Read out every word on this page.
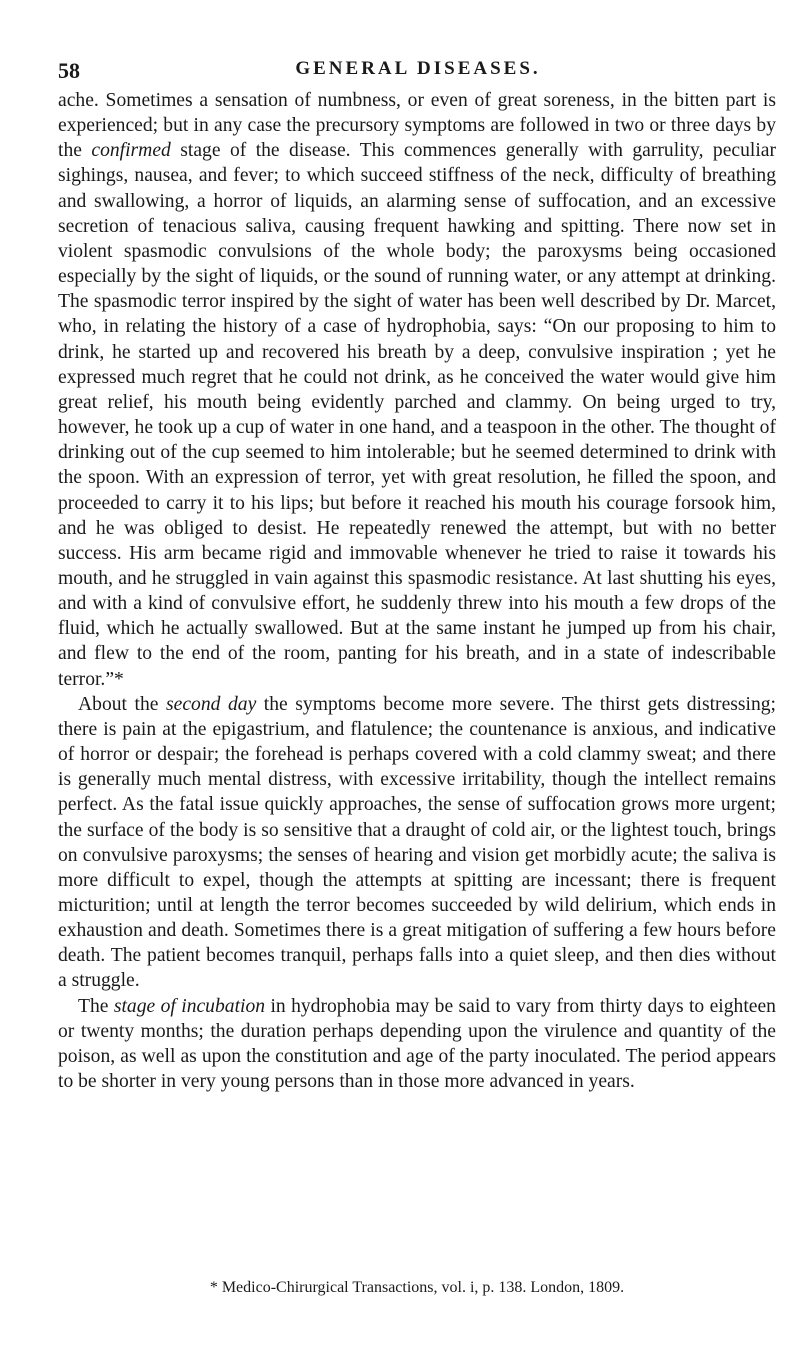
58	GENERAL DISEASES.

ache. Sometimes a sensation of numbness, or even of great soreness, in the bitten part is experienced; but in any case the precursory symptoms are followed in two or three days by the confirmed stage of the disease. This commences generally with garrulity, peculiar sighings, nausea, and fever; to which succeed stiffness of the neck, difficulty of breathing and swallowing, a horror of liquids, an alarming sense of suffocation, and an excessive secretion of tenacious saliva, causing frequent hawking and spitting. There now set in violent spasmodic convulsions of the whole body; the paroxysms being occasioned especially by the sight of liquids, or the sound of running water, or any attempt at drinking. The spasmodic terror inspired by the sight of water has been well described by Dr. Marcet, who, in relating the history of a case of hydrophobia, says: “On our proposing to him to drink, he started up and recovered his breath by a deep, convulsive inspiration ; yet he expressed much regret that he could not drink, as he conceived the water would give him great relief, his mouth being evidently parched and clammy. On being urged to try, however, he took up a cup of water in one hand, and a teaspoon in the other. The thought of drinking out of the cup seemed to him intolerable; but he seemed determined to drink with the spoon. With an expression of terror, yet with great resolution, he filled the spoon, and proceeded to carry it to his lips; but before it reached his mouth his courage forsook him, and he was obliged to desist. He repeatedly renewed the attempt, but with no better success. His arm became rigid and immovable whenever he tried to raise it towards his mouth, and he struggled in vain against this spasmodic resistance. At last shutting his eyes, and with a kind of convulsive effort, he suddenly threw into his mouth a few drops of the fluid, which he actually swallowed. But at the same instant he jumped up from his chair, and flew to the end of the room, panting for his breath, and in a state of indescribable terror.”*

About the second day the symptoms become more severe. The thirst gets distressing; there is pain at the epigastrium, and flatulence; the countenance is anxious, and indicative of horror or despair; the forehead is perhaps covered with a cold clammy sweat; and there is generally much mental distress, with excessive irritability, though the intellect remains perfect. As the fatal issue quickly approaches, the sense of suffocation grows more urgent; the surface of the body is so sensitive that a draught of cold air, or the lightest touch, brings on convulsive paroxysms; the senses of hearing and vision get morbidly acute; the saliva is more difficult to expel, though the attempts at spitting are incessant; there is frequent micturition; until at length the terror becomes succeeded by wild delirium, which ends in exhaustion and death. Sometimes there is a great mitigation of suffering a few hours before death. The patient becomes tranquil, perhaps falls into a quiet sleep, and then dies without a struggle.

The stage of incubation in hydrophobia may be said to vary from thirty days to eighteen or twenty months; the duration perhaps depending upon the virulence and quantity of the poison, as well as upon the constitution and age of the party inoculated. The period appears to be shorter in very young persons than in those more advanced in years.

* Medico-Chirurgical Transactions, vol. i, p. 138. London, 1809.
